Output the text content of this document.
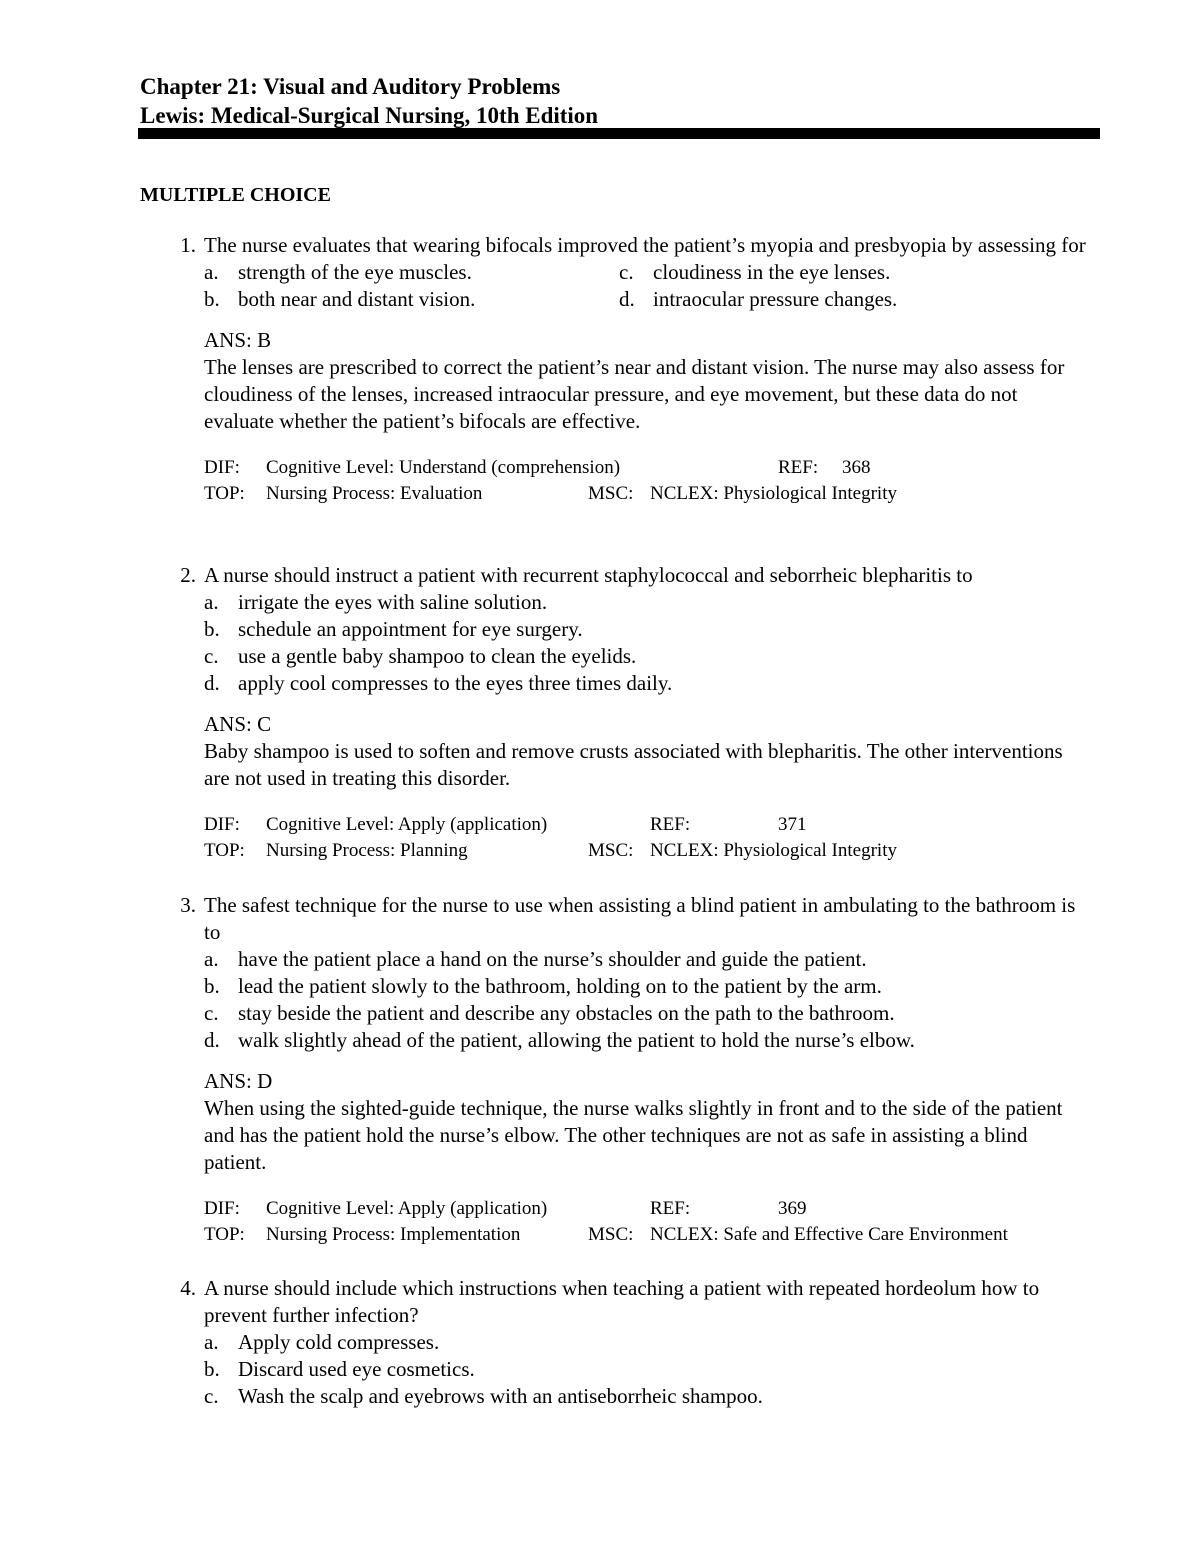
Chapter 21: Visual and Auditory Problems
Lewis: Medical-Surgical Nursing, 10th Edition
MULTIPLE CHOICE
1. The nurse evaluates that wearing bifocals improved the patient’s myopia and presbyopia by assessing for
a. strength of the eye muscles.	c. cloudiness in the eye lenses.
b. both near and distant vision.	d. intraocular pressure changes.
ANS: B
The lenses are prescribed to correct the patient’s near and distant vision. The nurse may also assess for cloudiness of the lenses, increased intraocular pressure, and eye movement, but these data do not evaluate whether the patient’s bifocals are effective.
DIF: Cognitive Level: Understand (comprehension)	REF: 368
TOP: Nursing Process: Evaluation	MSC: NCLEX: Physiological Integrity
2. A nurse should instruct a patient with recurrent staphylococcal and seborrheic blepharitis to
a. irrigate the eyes with saline solution.
b. schedule an appointment for eye surgery.
c. use a gentle baby shampoo to clean the eyelids.
d. apply cool compresses to the eyes three times daily.
ANS: C
Baby shampoo is used to soften and remove crusts associated with blepharitis. The other interventions are not used in treating this disorder.
DIF: Cognitive Level: Apply (application)	REF:	371
TOP: Nursing Process: Planning	MSC: NCLEX: Physiological Integrity
3. The safest technique for the nurse to use when assisting a blind patient in ambulating to the bathroom is to
a. have the patient place a hand on the nurse’s shoulder and guide the patient.
b. lead the patient slowly to the bathroom, holding on to the patient by the arm.
c. stay beside the patient and describe any obstacles on the path to the bathroom.
d. walk slightly ahead of the patient, allowing the patient to hold the nurse’s elbow.
ANS: D
When using the sighted-guide technique, the nurse walks slightly in front and to the side of the patient and has the patient hold the nurse’s elbow. The other techniques are not as safe in assisting a blind patient.
DIF: Cognitive Level: Apply (application)	REF:	369
TOP: Nursing Process: Implementation	MSC: NCLEX: Safe and Effective Care Environment
4. A nurse should include which instructions when teaching a patient with repeated hordeolum how to prevent further infection?
a. Apply cold compresses.
b. Discard used eye cosmetics.
c. Wash the scalp and eyebrows with an antiseborrheic shampoo.
